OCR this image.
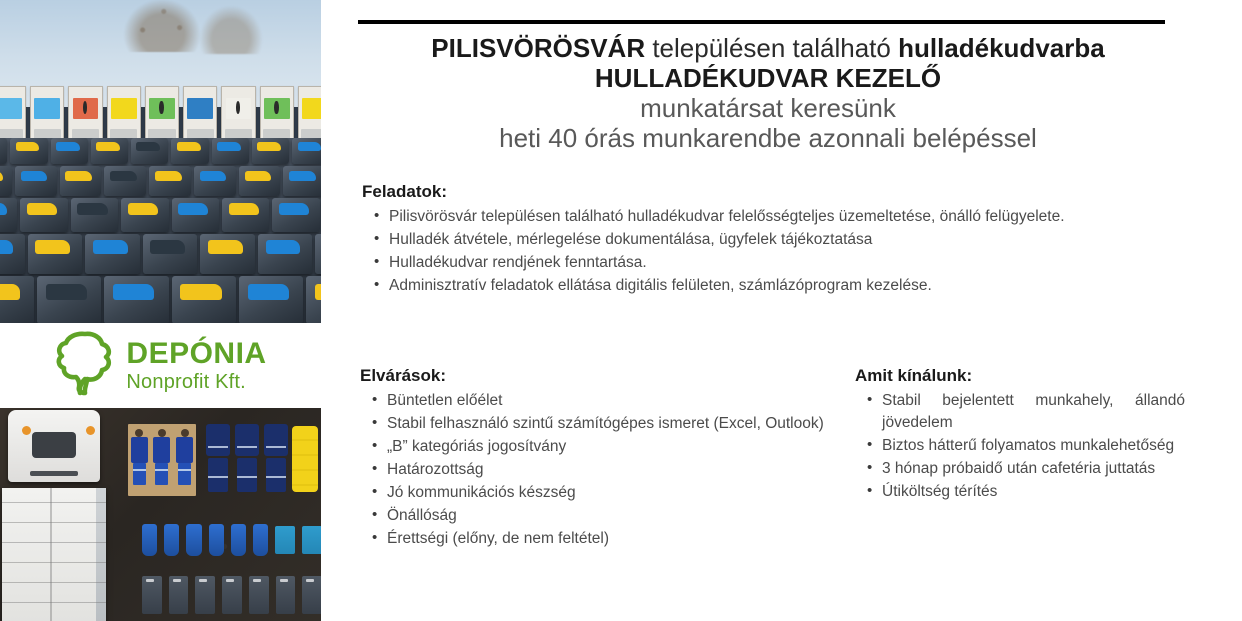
DEPÓNIA
Nonprofit Kft.
PILISVÖRÖSVÁR településen található hulladékudvarba
HULLADÉKUDVAR KEZELŐ
munkatársat keresünk
heti 40 órás munkarendbe azonnali belépéssel
Feladatok:
• Pilisvörösvár településen található hulladékudvar felelősségteljes üzemeltetése, önálló felügyelete.
• Hulladék átvétele, mérlegelése dokumentálása, ügyfelek tájékoztatása
• Hulladékudvar rendjének fenntartása.
• Adminisztratív feladatok ellátása digitális felületen, számlázóprogram kezelése.
Elvárások:
• Büntetlen előélet
• Stabil felhasználó szintű számítógépes ismeret (Excel, Outlook)
• „B” kategóriás jogosítvány
• Határozottság
• Jó kommunikációs készség
• Önállóság
• Érettségi (előny, de nem feltétel)
Amit kínálunk:
• Stabil bejelentett munkahely, állandó jövedelem
• Biztos hátterű folyamatos munkalehetőség
• 3 hónap próbaidő után cafetéria juttatás
• Útiköltség térítés
